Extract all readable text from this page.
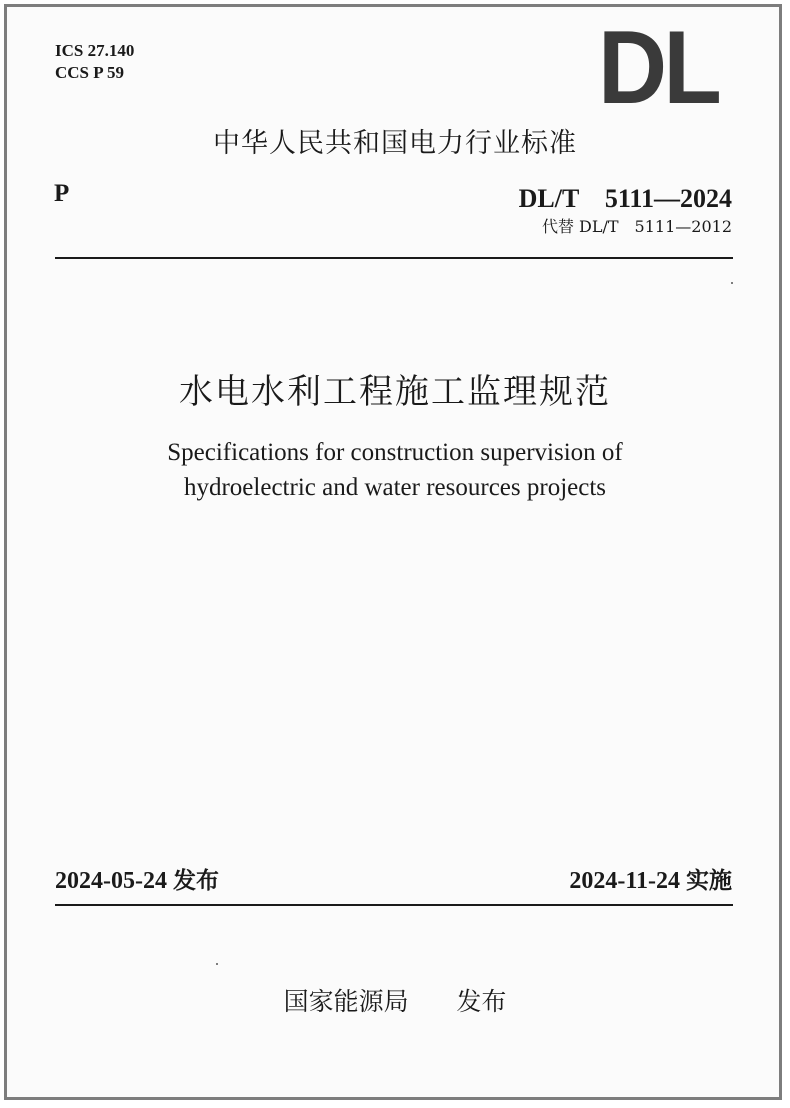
ICS 27.140
CCS P 59	DL
中华人民共和国电力行业标准
P	DL/T　5111—2024
代替 DL/T　5111—2012
水电水利工程施工监理规范
Specifications for construction supervision of
hydroelectric and water resources projects
2024-05-24 发布	2024-11-24 实施
国家能源局 发布
